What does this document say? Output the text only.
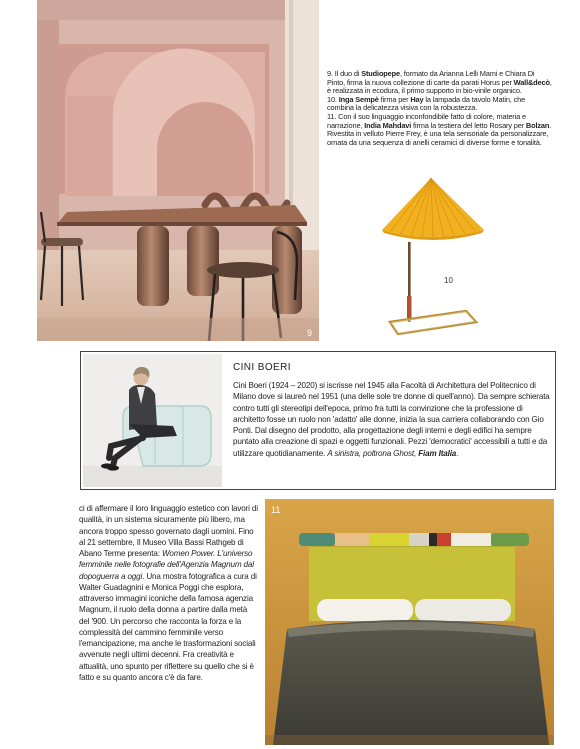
9

9. Il duo di Studiopepe, formato da Arianna Lelli Mami e Chiara Di Pinto, firma la nuova collezione di carte da parati Horus per Wall&decò, è realizzata in ecodura, il primo supporto in bio-vinile organico.

10. Inga Sempè firma per Hay la lampada da tavolo Matin, che combina la delicatezza visiva con la robustezza.

11. Con il suo linguaggio inconfondibile fatto di colore, materia e narrazione, India Mahdavi firma la testiera del letto Rosary per Bolzan. Rivestita in velluto Pierre Frey, è una tela sensoriale da personalizzare, ornata da una sequenza di anelli ceramici di diverse forme e tonalità.

10
CINI BOERI

Cini Boeri (1924 – 2020) si iscrisse nel 1945 alla Facoltà di Architettura del Politecnico di Milano dove si laureò nel 1951 (una delle sole tre donne di quell'anno). Da sempre schierata contro tutti gli stereotipi dell'epoca, primo fra tutti la convinzione che la professione di architetto fosse un ruolo non 'adatto' alle donne, inizia la sua carriera collaborando con Gio Ponti. Dal disegno del prodotto, alla progettazione degli interni e degli edifici ha sempre puntato alla creazione di spazi e oggetti funzionali. Pezzi 'democratici' accessibili a tutti e da utilizzare quotidianamente. A sinistra, poltrona Ghost, Fiam Italia.

ci di affermare il loro linguaggio estetico con lavori di qualità, in un sistema sicuramente più libero, ma ancora troppo spesso governato dagli uomini. Fino al 21 settembre, Il Museo Villa Bassi Rathgeb di Abano Terme presenta: Women Power. L'universo femminile nelle fotografie dell'Agenzia Magnum dal dopoguerra a oggi. Una mostra fotografica a cura di Walter Guadagnini e Monica Poggi che esplora, attraverso immagini iconiche della famosa agenzia Magnum, il ruolo della donna a partire dalla metà del '900. Un percorso che racconta la forza e la complessità del cammino femminile verso l'emancipazione, ma anche le trasformazioni sociali avvenute negli ultimi decenni. Fra creatività e attualità, uno spunto per riflettere su quello che si è fatto e su quanto ancora c'è da fare.

11
